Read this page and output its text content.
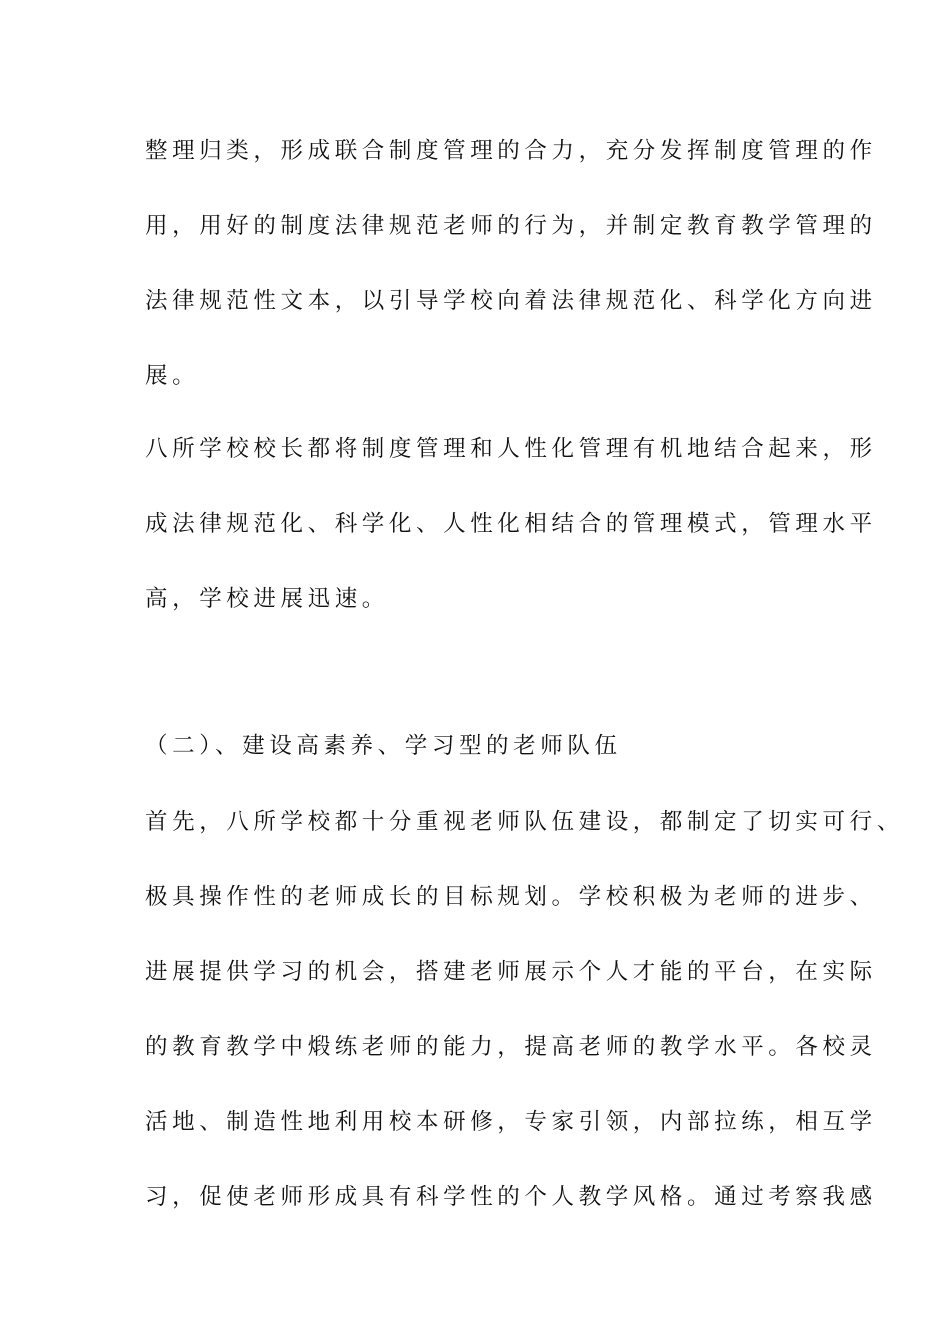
整理归类，形成联合制度管理的合力，充分发挥制度管理的作
用，用好的制度法律规范老师的行为，并制定教育教学管理的
法律规范性文本，以引导学校向着法律规范化、科学化方向进
展。
八所学校校长都将制度管理和人性化管理有机地结合起来，形
成法律规范化、科学化、人性化相结合的管理模式，管理水平
高，学校进展迅速。
（二）、建设高素养、学习型的老师队伍
首先，八所学校都十分重视老师队伍建设，都制定了切实可行、
极具操作性的老师成长的目标规划。学校积极为老师的进步、
进展提供学习的机会，搭建老师展示个人才能的平台，在实际
的教育教学中煅练老师的能力，提高老师的教学水平。各校灵
活地、制造性地利用校本研修，专家引领，内部拉练，相互学
习，促使老师形成具有科学性的个人教学风格。通过考察我感
